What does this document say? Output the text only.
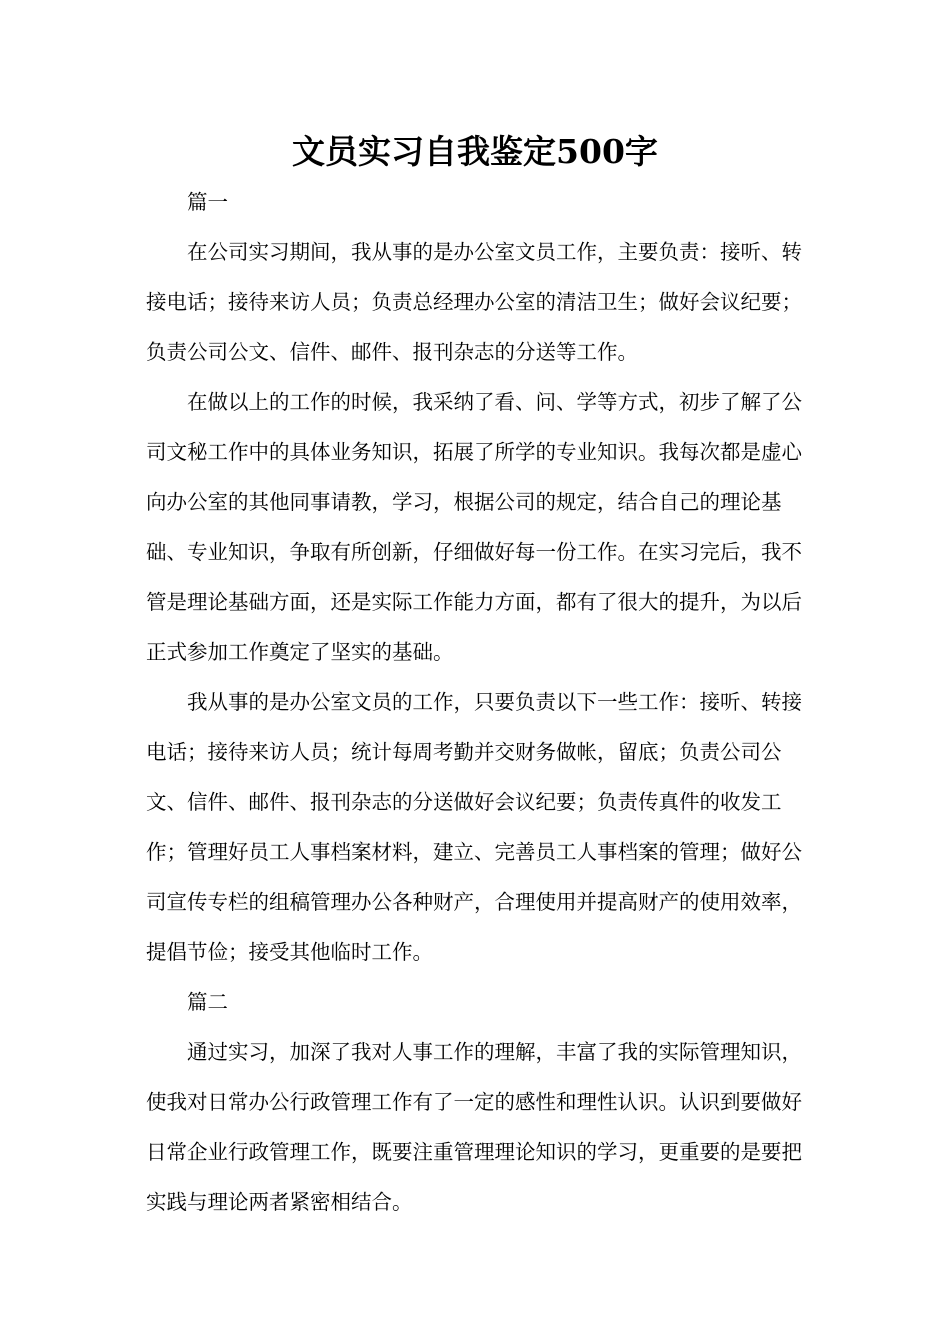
文员实习自我鉴定500字

篇一

在公司实习期间，我从事的是办公室文员工作，主要负责：接听、转接电话；接待来访人员；负责总经理办公室的清洁卫生；做好会议纪要；负责公司公文、信件、邮件、报刊杂志的分送等工作。

在做以上的工作的时候，我采纳了看、问、学等方式，初步了解了公司文秘工作中的具体业务知识，拓展了所学的专业知识。我每次都是虚心向办公室的其他同事请教，学习，根据公司的规定，结合自己的理论基础、专业知识，争取有所创新，仔细做好每一份工作。在实习完后，我不管是理论基础方面，还是实际工作能力方面，都有了很大的提升，为以后正式参加工作奠定了坚实的基础。

我从事的是办公室文员的工作，只要负责以下一些工作：接听、转接电话；接待来访人员；统计每周考勤并交财务做帐，留底；负责公司公文、信件、邮件、报刊杂志的分送做好会议纪要；负责传真件的收发工作；管理好员工人事档案材料，建立、完善员工人事档案的管理；做好公司宣传专栏的组稿管理办公各种财产，合理使用并提高财产的使用效率，提倡节俭；接受其他临时工作。

篇二

通过实习，加深了我对人事工作的理解，丰富了我的实际管理知识，使我对日常办公行政管理工作有了一定的感性和理性认识。认识到要做好日常企业行政管理工作，既要注重管理理论知识的学习，更重要的是要把实践与理论两者紧密相结合。
